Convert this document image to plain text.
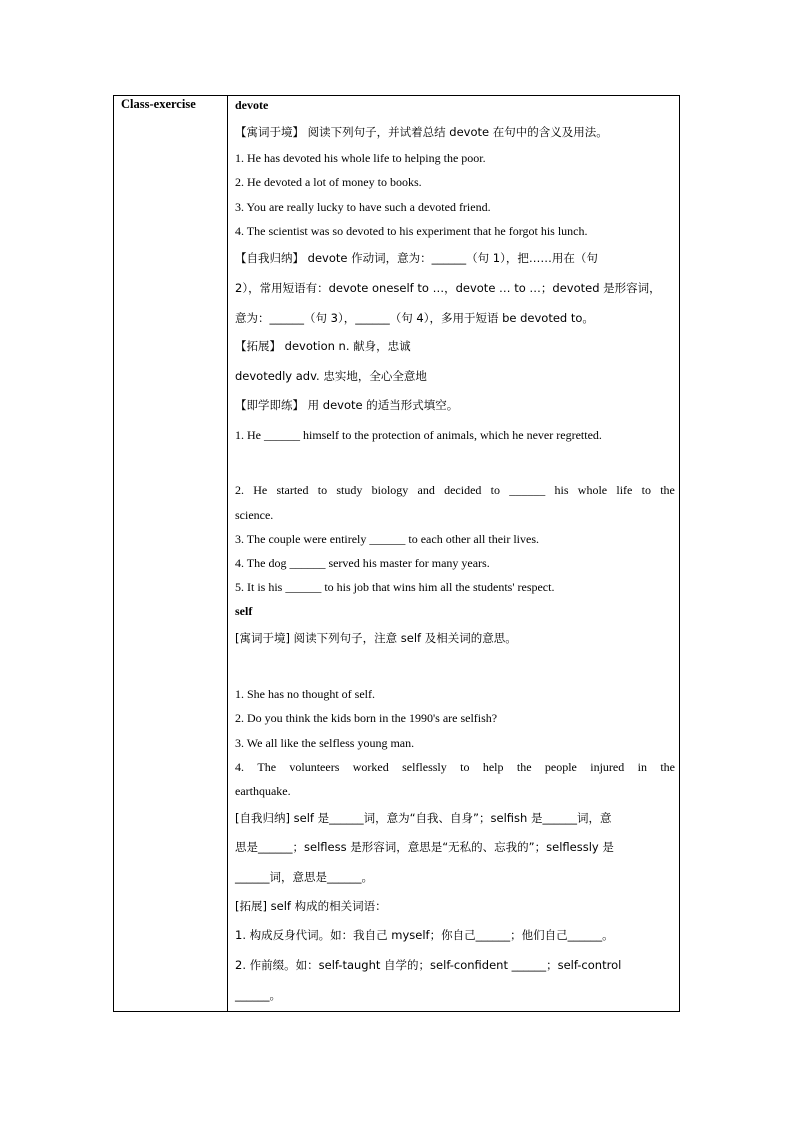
Class-exercise	devote
【寓词于境】 阅读下列句子，并试着总结 devote 在句中的含义及用法。
1. He has devoted his whole life to helping the poor.
2. He devoted a lot of money to books.
3. You are really lucky to have such a devoted friend.
4. The scientist was so devoted to his experiment that he forgot his lunch.
【自我归纳】 devote 作动词，意为：______（句 1），把……用在（句
2），常用短语有：devote oneself to …，devote … to …；devoted 是形容词，
意为：______（句 3），______（句 4），多用于短语 be devoted to。
【拓展】 devotion n. 献身，忠诚
devotedly adv. 忠实地，全心全意地
【即学即练】 用 devote 的适当形式填空。
1. He ______ himself to the protection of animals, which he never regretted.
2. He started to study biology and decided to ______ his whole life to the
science.
3. The couple were entirely ______ to each other all their lives.
4. The dog ______ served his master for many years.
5. It is his ______ to his job that wins him all the students' respect.
self
[寓词于境] 阅读下列句子，注意 self 及相关词的意思。
1. She has no thought of self.
2. Do you think the kids born in the 1990's are selfish?
3. We all like the selfless young man.
4. The volunteers worked selflessly to help the people injured in the
earthquake.
[自我归纳] self 是______词，意为“自我、自身”；selfish 是______词，意
思是______；selfless 是形容词，意思是“无私的、忘我的”；selflessly 是
______词，意思是______。
[拓展] self 构成的相关词语：
1. 构成反身代词。如：我自己 myself；你自己______；他们自己______。
2. 作前缀。如：self-taught 自学的；self-confident ______；self-control
______。
